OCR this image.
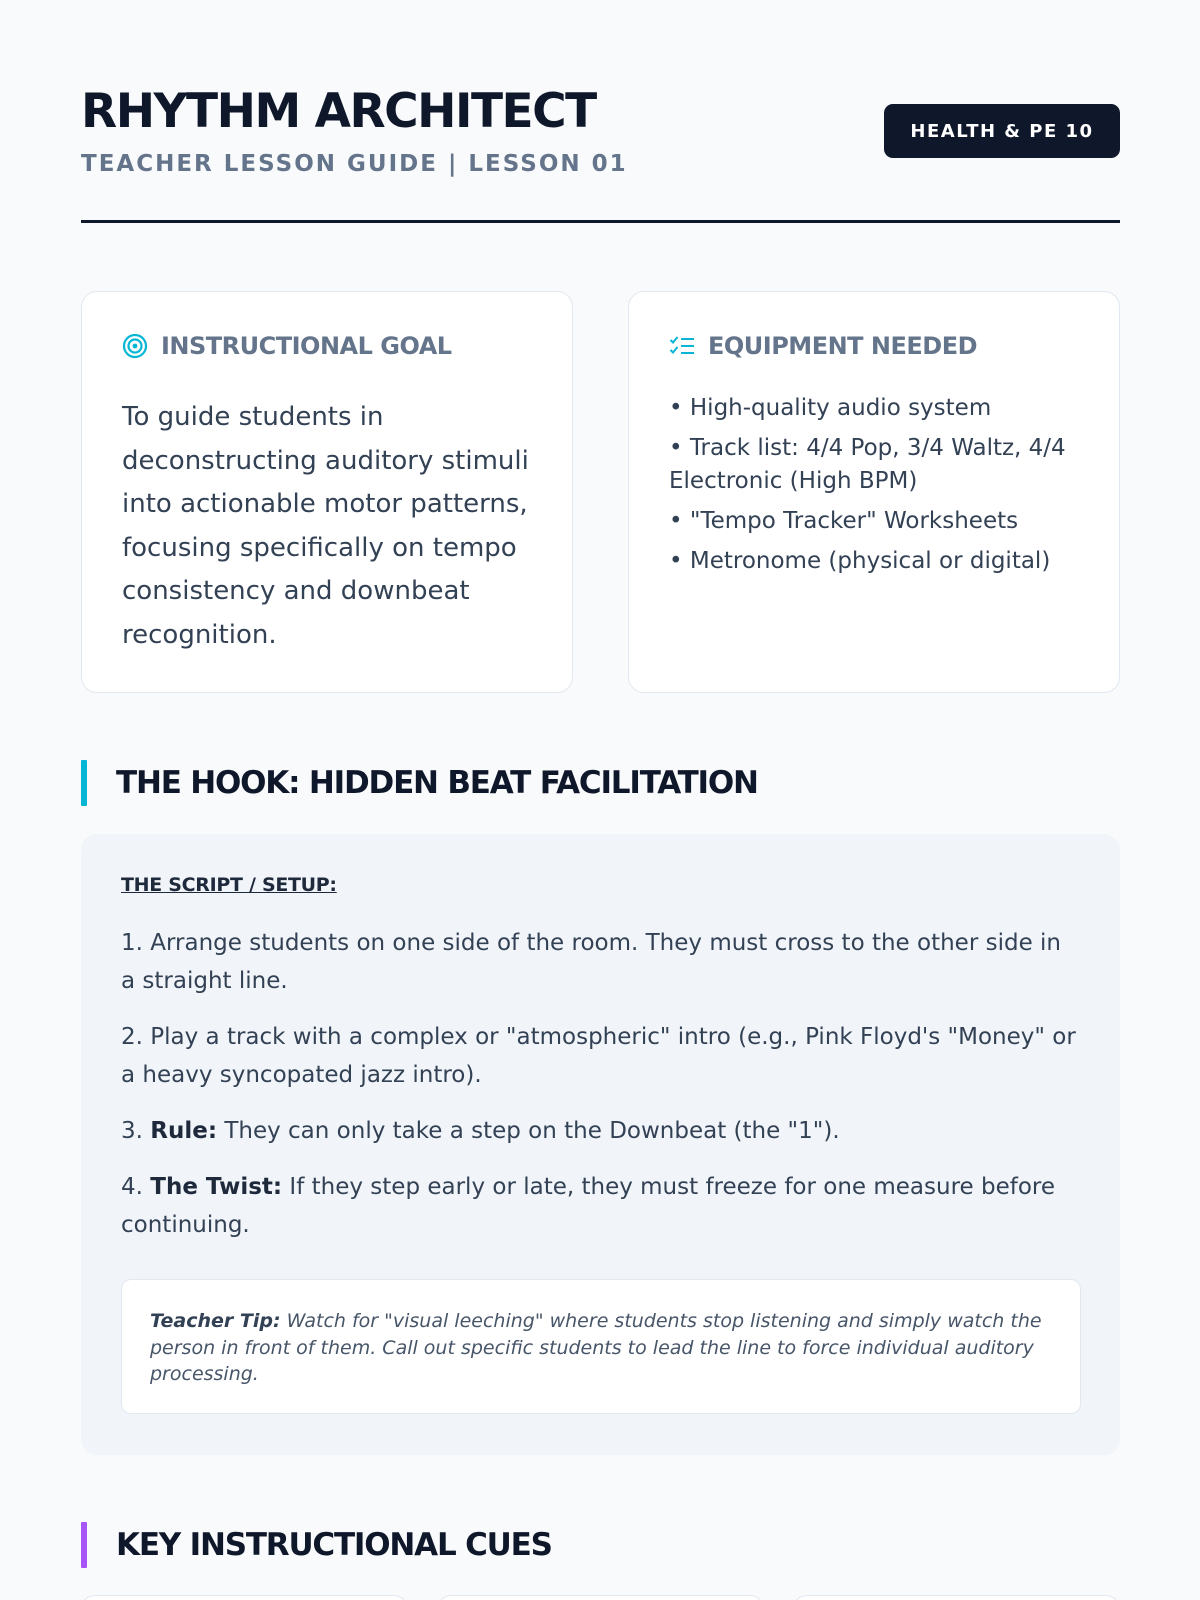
RHYTHM ARCHITECT
TEACHER LESSON GUIDE | LESSON 01
HEALTH & PE 10
INSTRUCTIONAL GOAL

To guide students in deconstructing auditory stimuli into actionable motor patterns, focusing specifically on tempo consistency and downbeat recognition.

EQUIPMENT NEEDED
• High-quality audio system
• Track list: 4/4 Pop, 3/4 Waltz, 4/4 Electronic (High BPM)
• "Tempo Tracker" Worksheets
• Metronome (physical or digital)
THE HOOK: HIDDEN BEAT FACILITATION
THE SCRIPT / SETUP:

1. Arrange students on one side of the room. They must cross to the other side in a straight line.

2. Play a track with a complex or "atmospheric" intro (e.g., Pink Floyd's "Money" or a heavy syncopated jazz intro).

3. Rule: They can only take a step on the Downbeat (the "1").

4. The Twist: If they step early or late, they must freeze for one measure before continuing.

Teacher Tip: Watch for "visual leeching" where students stop listening and simply watch the person in front of them. Call out specific students to lead the line to force individual auditory processing.
KEY INSTRUCTIONAL CUES
